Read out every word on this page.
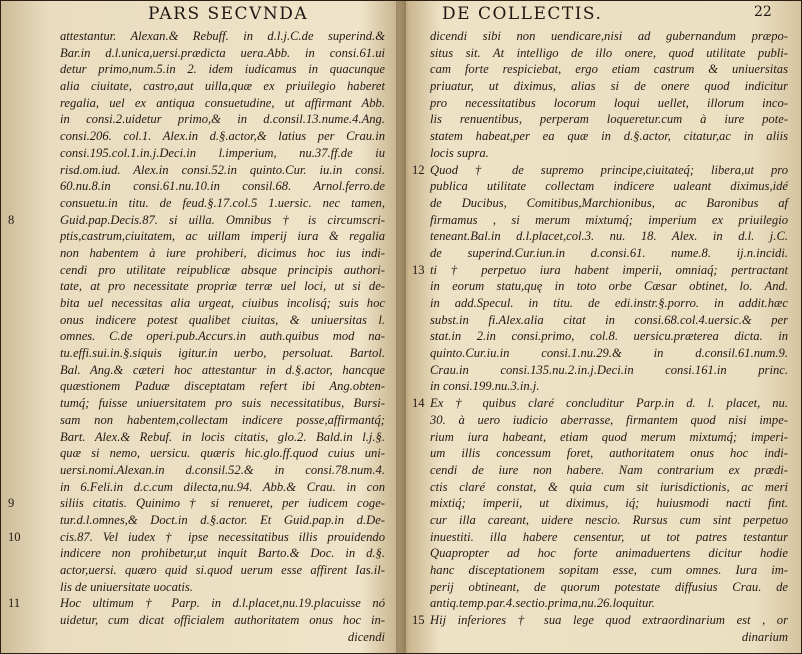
PARS SECVNDA
attestantur. Alexan.& Rebuff. in d.l.j.C.de superind.&
Bar.in d.l.unica,uersi.prædicta uera.Abb. in consi.61.ui
detur primo,num.5.in 2. idem iudicamus in quacunque
alia ciuitate, castro,aut uilla,quæ ex priuilegio haberet
regalia, uel ex antiqua consuetudine, ut affirmant Abb.
in consi.2.uidetur primo,& in d.consil.13.nume.4.Ang.
consi.206. col.1. Alex.in d.§.actor,& latius per Crau.in
consi.195.col.1.in.j.Deci.in l.imperium, nu.37.ff.de iu
risd.om.iud. Alex.in consi.52.in quinto.Cur. iu.in consi.
60.nu.8.in consi.61.nu.10.in consil.68. Arnol.ferro.de
consuetu.in titu. de feud.§.17.col.5 1.uersic. nec tamen,
8	Guid.pap.Decis.87. si uilla. Omnibus † is circumscri-
ptis,castrum,ciuitatem, ac uillam imperij iura & regalia
non habentem à iure prohiberi, dicimus hoc ius indi-
cendi pro utilitate reipublicæ absque principis authori-
tate, at pro necessitate propriæ terræ uel loci, ut si de-
bita uel necessitas alia urgeat, ciuibus incolisq́; suis hoc
onus indicere potest qualibet ciuitas, & uniuersitas l.
omnes. C.de operi.pub.Accurs.in auth.quibus mod na-
tu.effi.sui.in.§.siquis igitur.in uerbo, persoluat. Bartol.
Bal. Ang.& cæteri hoc attestantur in d.§.actor, hancque
quæstionem Paduæ disceptatam refert ibi Ang.obten-
tumq́; fuisse uniuersitatem pro suis necessitatibus, Bursi-
sam non habentem,collectam indicere posse,affirmantq́;
Bart. Alex.& Rebuf. in locis citatis, glo.2. Bald.in l.j.§.
quæ si nemo, uersicu. quæris hic.glo.ff.quod cuius uni-
uersi.nomi.Alexan.in d.consil.52.& in consi.78.num.4.
in 6.Feli.in d.c.cum dilecta,nu.94. Abb.& Crau. in con
9	siliis citatis. Quinimo † si renueret, per iudicem coge-
tur.d.l.omnes,& Doct.in d.§.actor. Et Guid.pap.in d.De-
10	cis.87. Vel iudex † ipse necessitatibus illis prouidendo
indicere non prohibetur,ut inquit Barto.& Doc. in d.§.
actor,uersi. quæro quid si.quod uerum esse affirent Ias.il-
lis de uniuersitate uocatis.
11	Hoc ultimum † Parp. in d.l.placet,nu.19.placuisse nó
uidetur, cum dicat officialem authoritatem onus hoc in-
dicendi
DE COLLECTIS.	22
dicendi sibi non uendicare,nisi ad gubernandum præpo-
situs sit. At intelligo de illo onere, quod utilitate publi-
cam forte respiciebat, ergo etiam castrum & uniuersitas
priuatur, ut diximus, alias si de onere quod indicitur
pro necessitatibus locorum loqui uellet, illorum inco-
lis renuentibus, perperam loqueretur.cum à iure pote-
statem habeat,per ea quæ in d.§.actor, citatur,ac in aliis
locis supra.
12 Quod † de supremo principe,ciuitateq́; libera,ut pro
publica utilitate collectam indicere ualeant diximus,idé
de Ducibus, Comitibus,Marchionibus, ac Baronibus af
firmamus , si merum mixtumq́; imperium ex priuilegio
teneant.Bal.in d.l.placet,col.3. nu. 18. Alex. in d.l. j.C.
de superind.Cur.iun.in d.consi.61. nume.8. ij.n.incidi.
13 ti † perpetuo iura habent imperii, omniaq́; pertractant
in eorum statu,quę in toto orbe Cæsar obtinet, lo. And.
in add.Specul. in titu. de edi.instr.§.porro. in addit.hæc
subst.in fi.Alex.alia citat in consi.68.col.4.uersic.& per
stat.in 2.in consi.primo, col.8. uersicu.præterea dicta. in
quinto.Cur.iu.in consi.1.nu.29.& in d.consil.61.num.9.
Crau.in consi.135.nu.2.in.j.Deci.in consi.161.in princ.
in consi.199.nu.3.in.j.
14 Ex † quibus claré concluditur Parp.in d. l. placet, nu.
30. à uero iudicio aberrasse, firmantem quod nisi impe-
rium iura habeant, etiam quod merum mixtumq́; imperi-
um illis concessum foret, authoritatem onus hoc indi-
cendi de iure non habere. Nam contrarium ex prædi-
ctis claré constat, & quia cum sit iurisdictionis, ac meri
mixtiq́; imperii, ut diximus, iq́; huiusmodi nacti fint.
cur illa careant, uidere nescio. Rursus cum sint perpetuo
inuestiti. illa habere censentur, ut tot patres testantur
Quapropter ad hoc forte animaduertens dicitur hodie
hanc disceptationem sopitam esse, cum omnes. Iura im-
perij obtineant, de quorum potestate diffusius Crau. de
antiq.temp.par.4.sectio.prima,nu.26.loquitur.
15 Hij inferiores † sua lege quod extraordinarium est , or
dinarium
